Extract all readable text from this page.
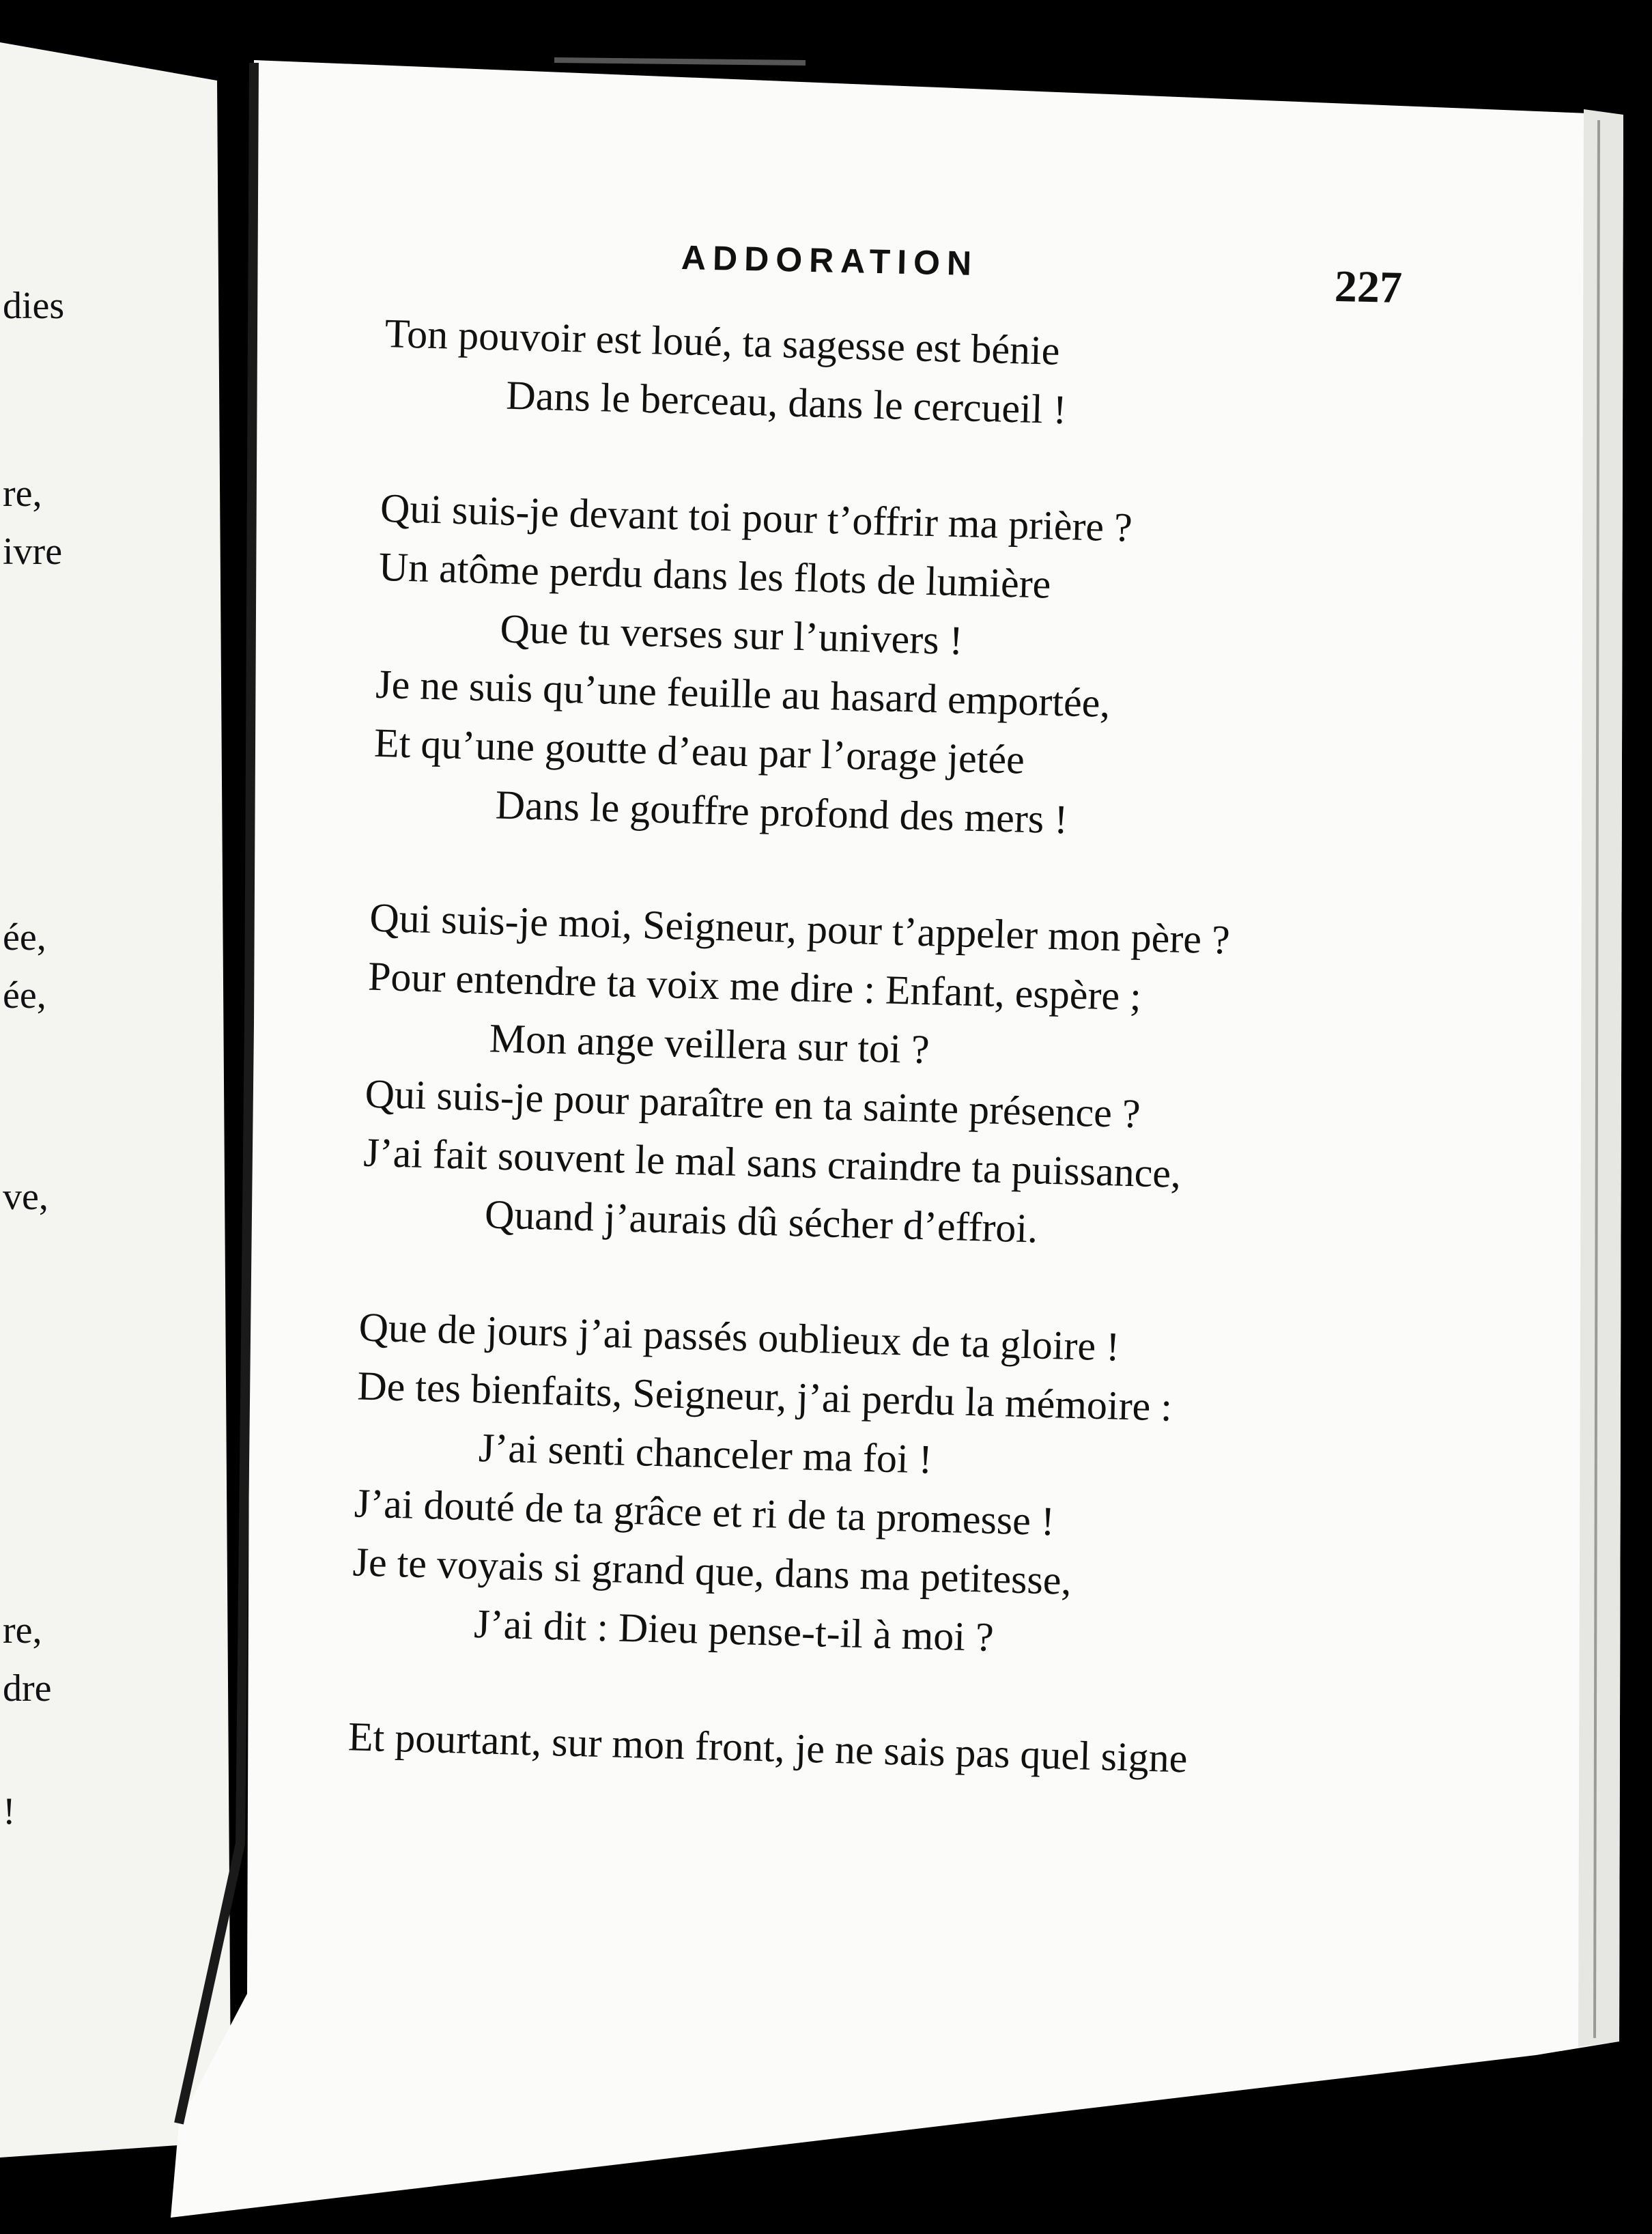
dies

re,

ivre

ée,

ée,

ve,

re,

dre

!

ADDORATION

227

Ton pouvoir est loué, ta sagesse est bénie

Dans le berceau, dans le cercueil !

Qui suis-je devant toi pour t’offrir ma prière ?

Un atôme perdu dans les flots de lumière

Que tu verses sur l’univers !

Je ne suis qu’une feuille au hasard emportée,

Et qu’une goutte d’eau par l’orage jetée

Dans le gouffre profond des mers !

Qui suis-je moi, Seigneur, pour t’appeler mon père ?

Pour entendre ta voix me dire : Enfant, espère ;

Mon ange veillera sur toi ?

Qui suis-je pour paraître en ta sainte présence ?

J’ai fait souvent le mal sans craindre ta puissance,

Quand j’aurais dû sécher d’effroi.

Que de jours j’ai passés oublieux de ta gloire !

De tes bienfaits, Seigneur, j’ai perdu la mémoire :

J’ai senti chanceler ma foi !

J’ai douté de ta grâce et ri de ta promesse !

Je te voyais si grand que, dans ma petitesse,

J’ai dit : Dieu pense-t-il à moi ?

Et pourtant, sur mon front, je ne sais pas quel signe
